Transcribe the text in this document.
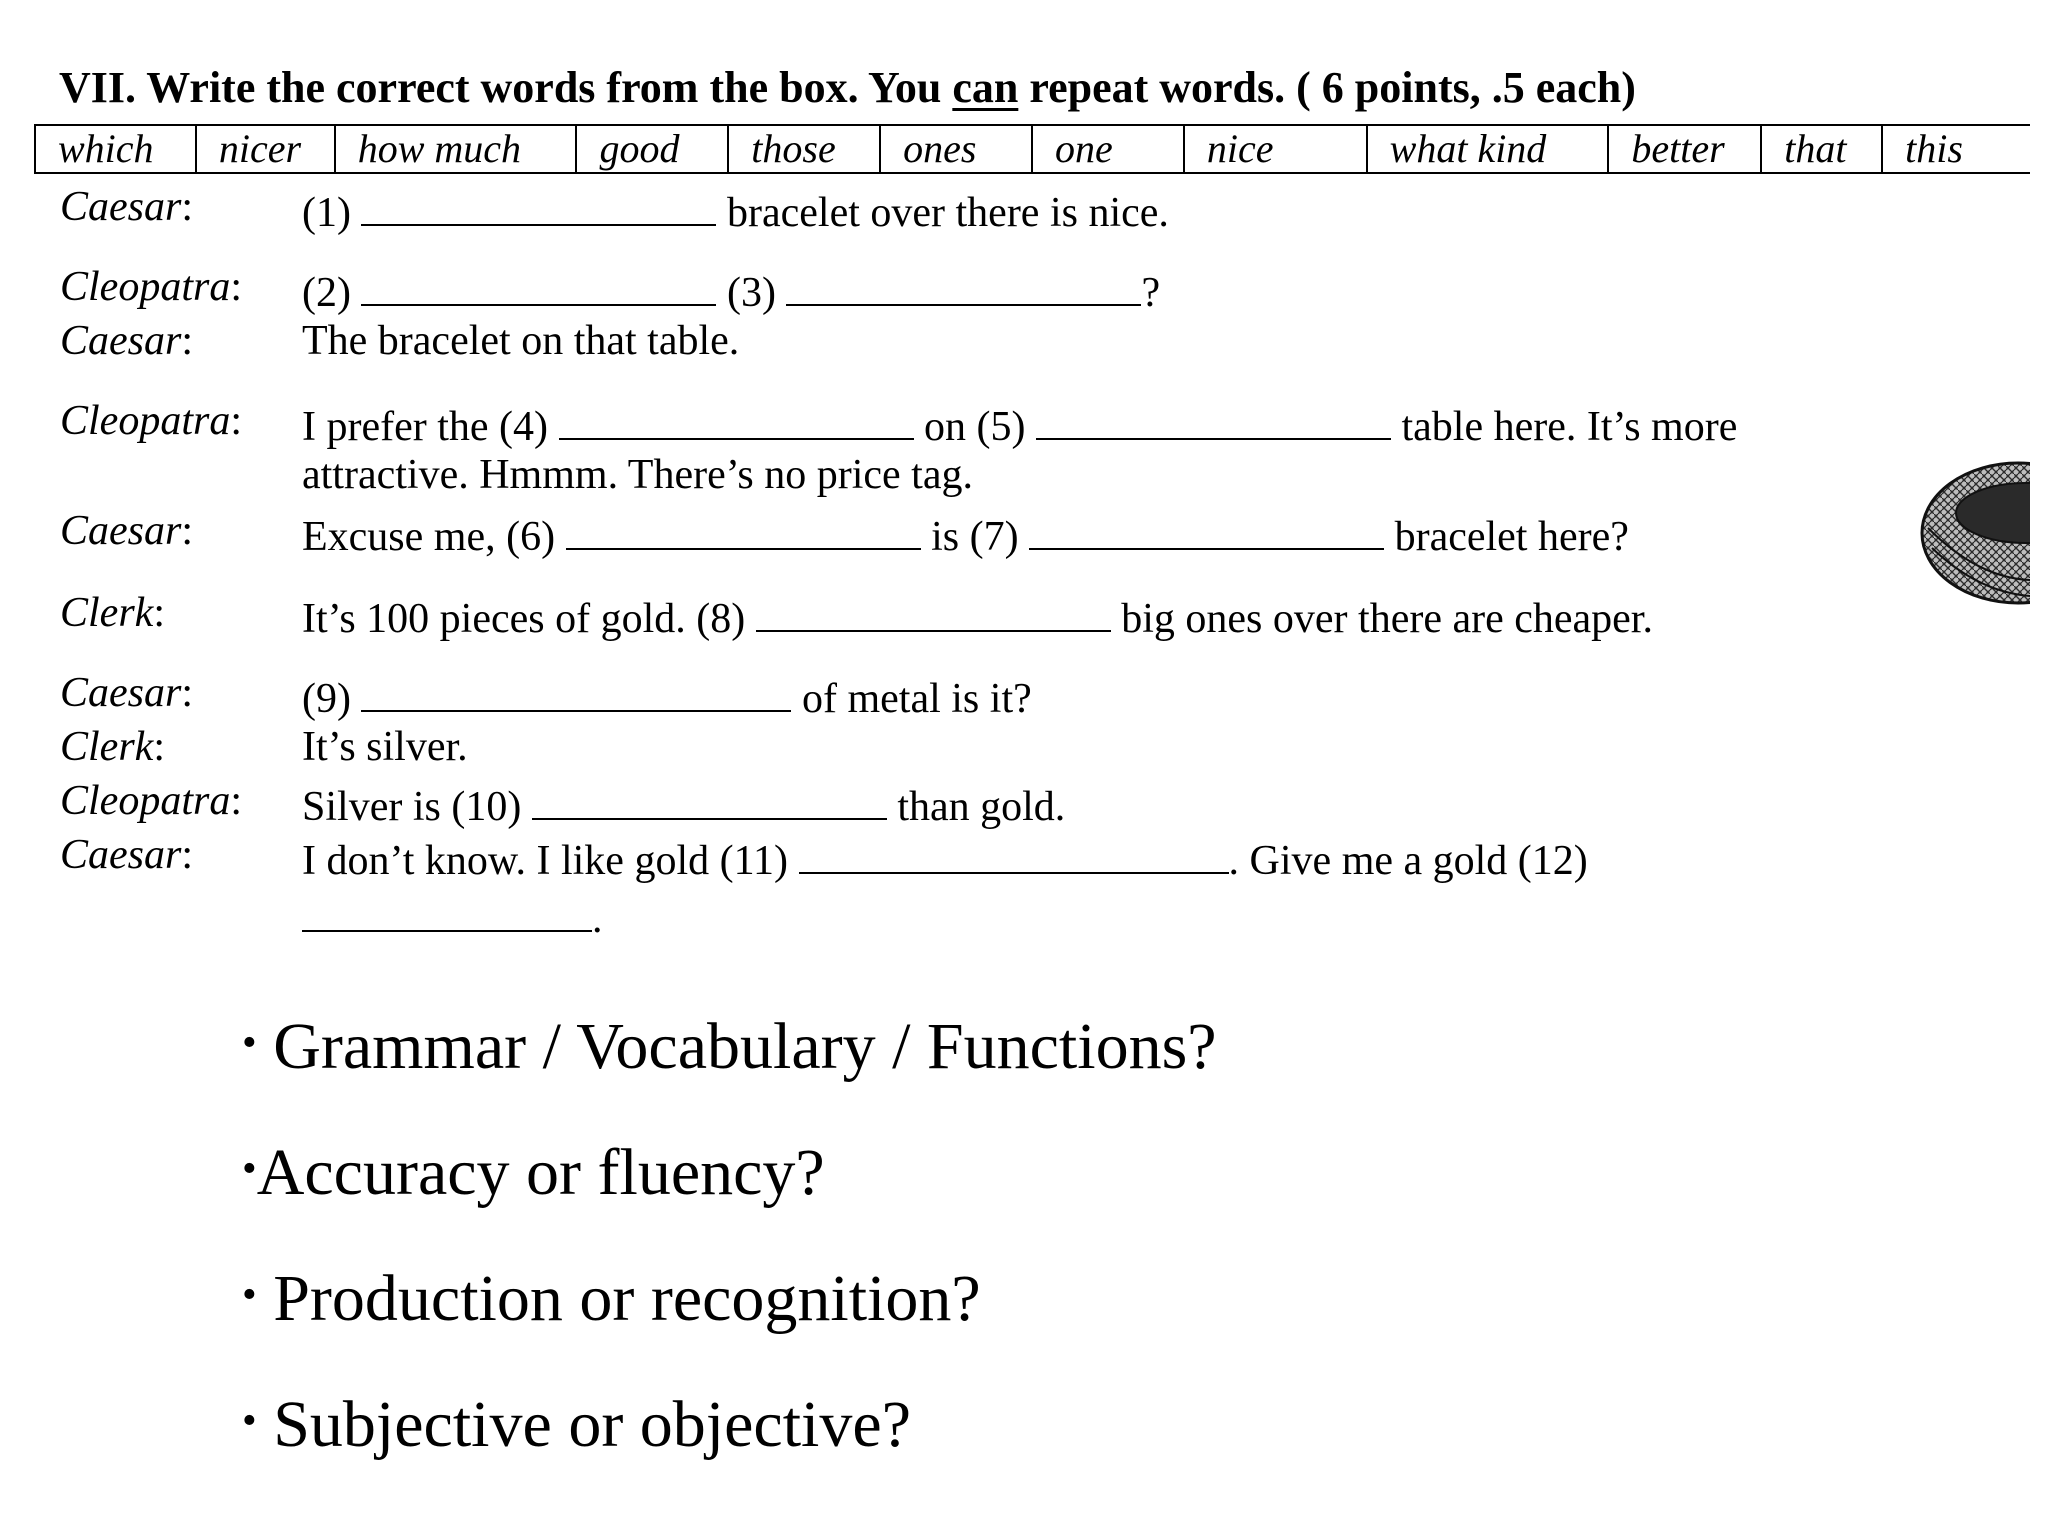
VII. Write the correct words from the box. You can repeat words. ( 6 points, .5 each)
which	nicer	how much	good	those	ones	one	nice	what kind	better	that	this
Caesar:	(1)	bracelet over there is nice.
Cleopatra: (2)	(3)	?
Caesar:	The bracelet on that table.
Cleopatra: I prefer the (4)	on (5)	table here. It’s more
attractive. Hmmm. There’s no price tag.
Caesar:	Excuse me, (6)	is (7)	bracelet here?
Clerk:	It’s 100 pieces of gold. (8)	big ones over there are cheaper.
Caesar:	(9)	of metal is it?
Clerk:	It’s silver.
Cleopatra: Silver is (10)	than gold.
Caesar:	I don’t know. I like gold (11)	. Give me a gold (12)
.
• Grammar / Vocabulary / Functions?
•Accuracy or fluency?
• Production or recognition?
• Subjective or objective?
